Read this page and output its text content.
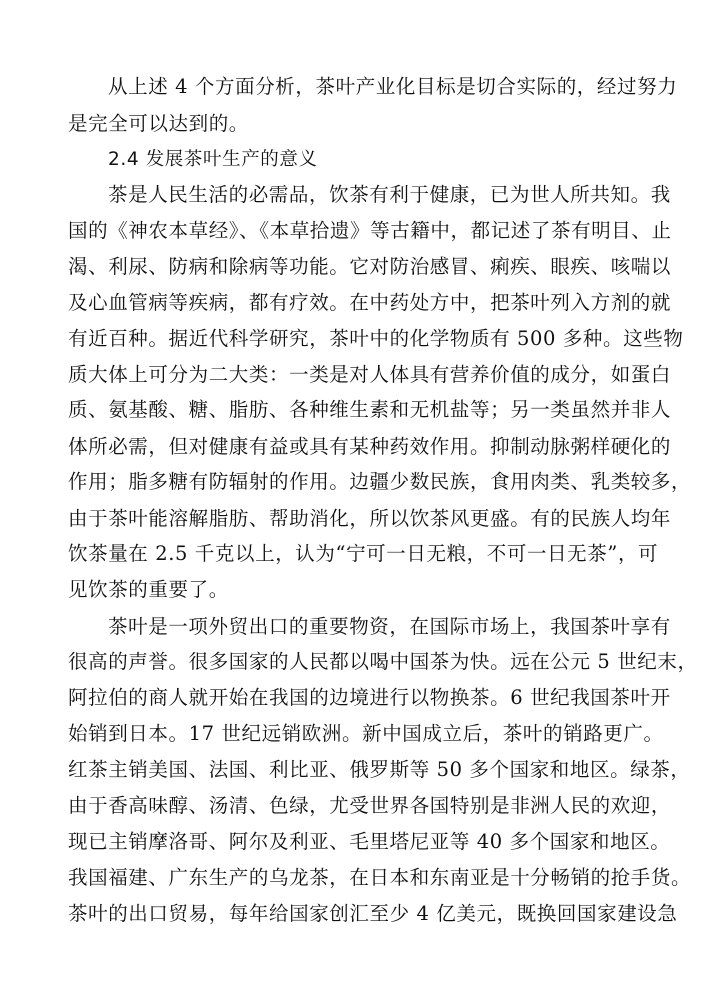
从上述 4 个方面分析，茶叶产业化目标是切合实际的，经过努力
是完全可以达到的。
2.4 发展茶叶生产的意义
茶是人民生活的必需品，饮茶有利于健康，已为世人所共知。我
国的《神农本草经》、《本草拾遗》等古籍中，都记述了茶有明目、止
渴、利尿、防病和除病等功能。它对防治感冒、痢疾、眼疾、咳喘以
及心血管病等疾病，都有疗效。在中药处方中，把茶叶列入方剂的就
有近百种。据近代科学研究，茶叶中的化学物质有 500 多种。这些物
质大体上可分为二大类：一类是对人体具有营养价值的成分，如蛋白
质、氨基酸、糖、脂肪、各种维生素和无机盐等；另一类虽然并非人
体所必需，但对健康有益或具有某种药效作用。抑制动脉粥样硬化的
作用；脂多糖有防辐射的作用。边疆少数民族，食用肉类、乳类较多，
由于茶叶能溶解脂肪、帮助消化，所以饮茶风更盛。有的民族人均年
饮茶量在 2.5 千克以上，认为“宁可一日无粮，不可一日无茶”，可
见饮茶的重要了。
茶叶是一项外贸出口的重要物资，在国际市场上，我国茶叶享有
很高的声誉。很多国家的人民都以喝中国茶为快。远在公元 5 世纪末，
阿拉伯的商人就开始在我国的边境进行以物换茶。6 世纪我国茶叶开
始销到日本。17 世纪远销欧洲。新中国成立后，茶叶的销路更广。
红茶主销美国、法国、利比亚、俄罗斯等 50 多个国家和地区。绿茶，
由于香高味醇、汤清、色绿，尤受世界各国特别是非洲人民的欢迎，
现已主销摩洛哥、阿尔及利亚、毛里塔尼亚等 40 多个国家和地区。
我国福建、广东生产的乌龙茶，在日本和东南亚是十分畅销的抢手货。
茶叶的出口贸易，每年给国家创汇至少 4 亿美元，既换回国家建设急
